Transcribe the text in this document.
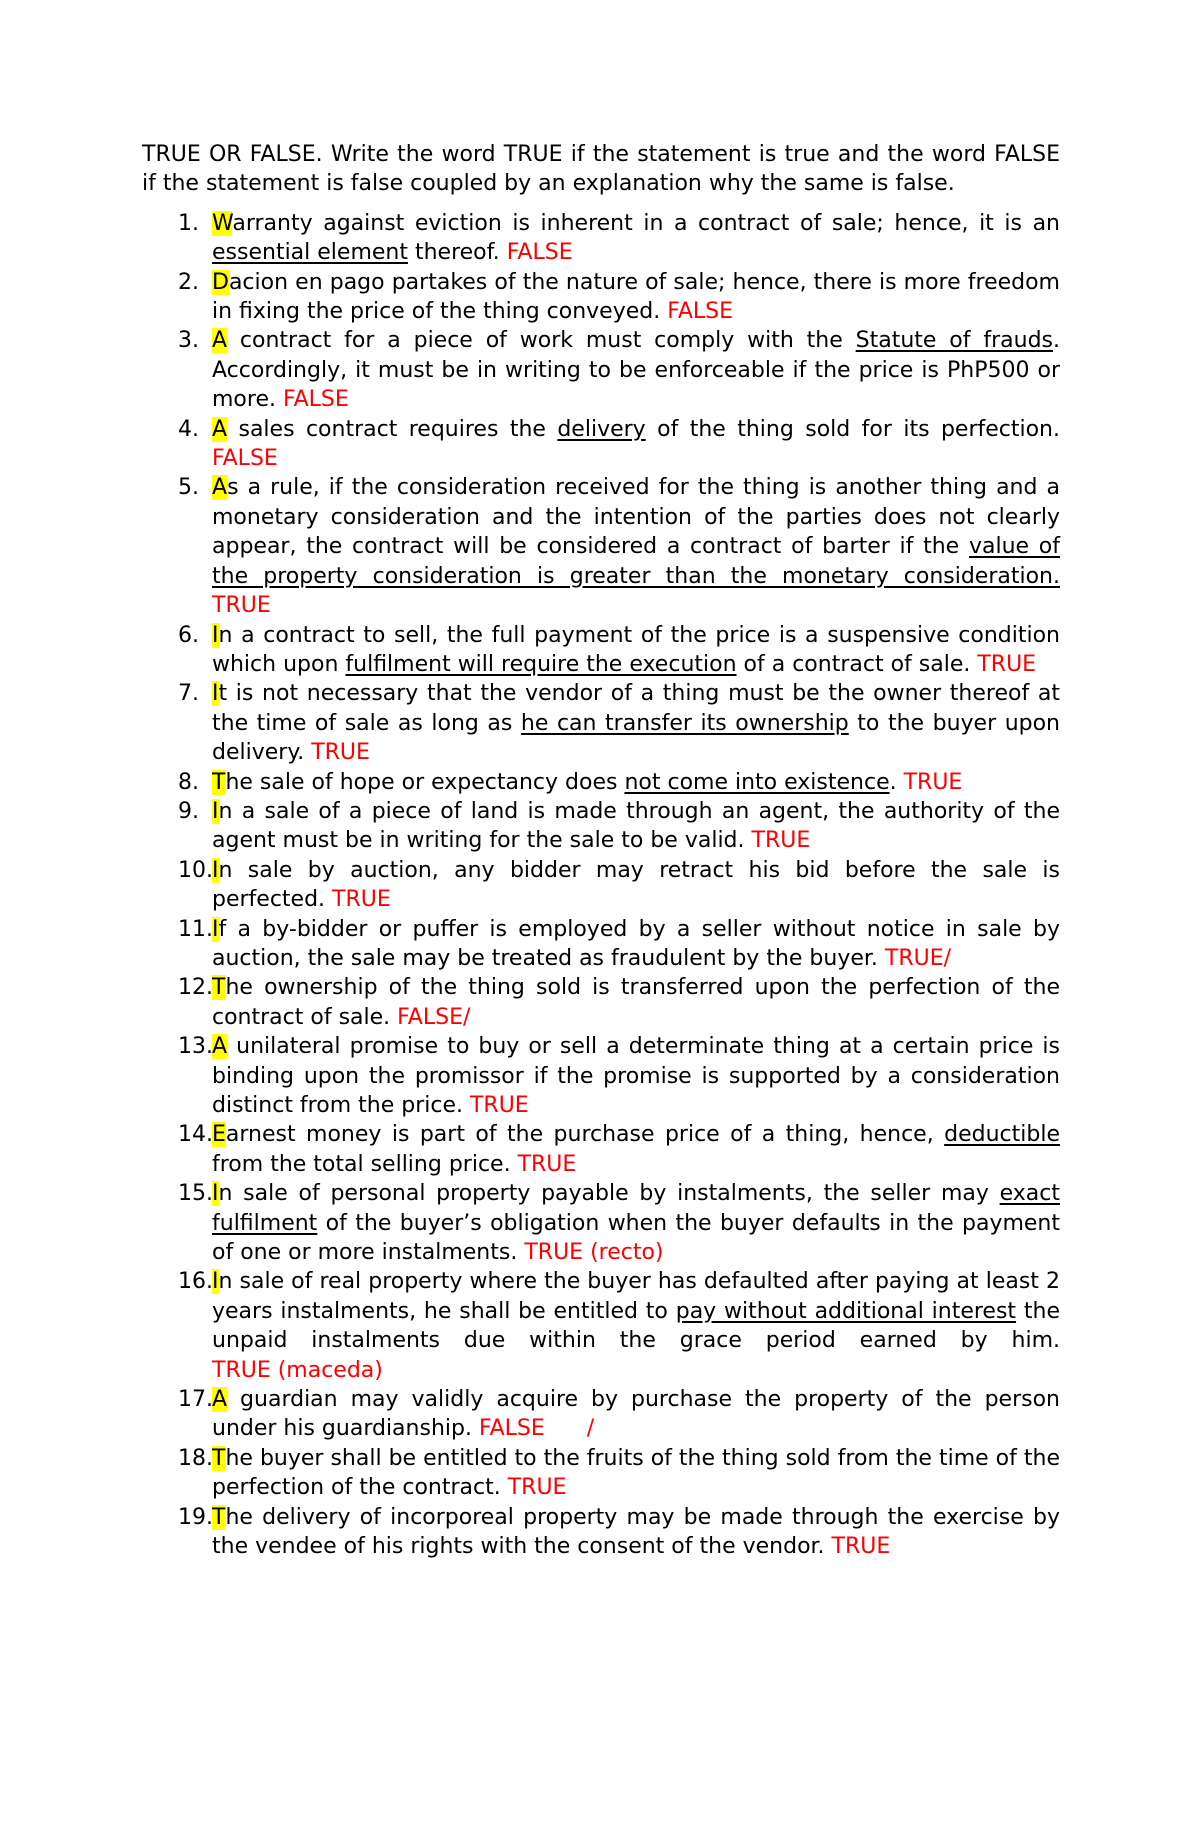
TRUE OR FALSE. Write the word TRUE if the statement is true and the word FALSE if the statement is false coupled by an explanation why the same is false.

1. Warranty against eviction is inherent in a contract of sale; hence, it is an essential element thereof. FALSE
2. Dacion en pago partakes of the nature of sale; hence, there is more freedom in fixing the price of the thing conveyed. FALSE
3. A contract for a piece of work must comply with the Statute of frauds. Accordingly, it must be in writing to be enforceable if the price is PhP500 or more. FALSE
4. A sales contract requires the delivery of the thing sold for its perfection. FALSE
5. As a rule, if the consideration received for the thing is another thing and a monetary consideration and the intention of the parties does not clearly appear, the contract will be considered a contract of barter if the value of the property consideration is greater than the monetary consideration. TRUE
6. In a contract to sell, the full payment of the price is a suspensive condition which upon fulfilment will require the execution of a contract of sale. TRUE
7. It is not necessary that the vendor of a thing must be the owner thereof at the time of sale as long as he can transfer its ownership to the buyer upon delivery. TRUE
8. The sale of hope or expectancy does not come into existence. TRUE
9. In a sale of a piece of land is made through an agent, the authority of the agent must be in writing for the sale to be valid. TRUE
10. In sale by auction, any bidder may retract his bid before the sale is perfected. TRUE
11. If a by-bidder or puffer is employed by a seller without notice in sale by auction, the sale may be treated as fraudulent by the buyer. TRUE/
12. The ownership of the thing sold is transferred upon the perfection of the contract of sale. FALSE/
13. A unilateral promise to buy or sell a determinate thing at a certain price is binding upon the promissor if the promise is supported by a consideration distinct from the price. TRUE
14. Earnest money is part of the purchase price of a thing, hence, deductible from the total selling price. TRUE
15. In sale of personal property payable by instalments, the seller may exact fulfilment of the buyer’s obligation when the buyer defaults in the payment of one or more instalments. TRUE (recto)
16. In sale of real property where the buyer has defaulted after paying at least 2 years instalments, he shall be entitled to pay without additional interest the unpaid instalments due within the grace period earned by him. TRUE (maceda)
17. A guardian may validly acquire by purchase the property of the person under his guardianship. FALSE      /
18. The buyer shall be entitled to the fruits of the thing sold from the time of the perfection of the contract. TRUE
19. The delivery of incorporeal property may be made through the exercise by the vendee of his rights with the consent of the vendor. TRUE
